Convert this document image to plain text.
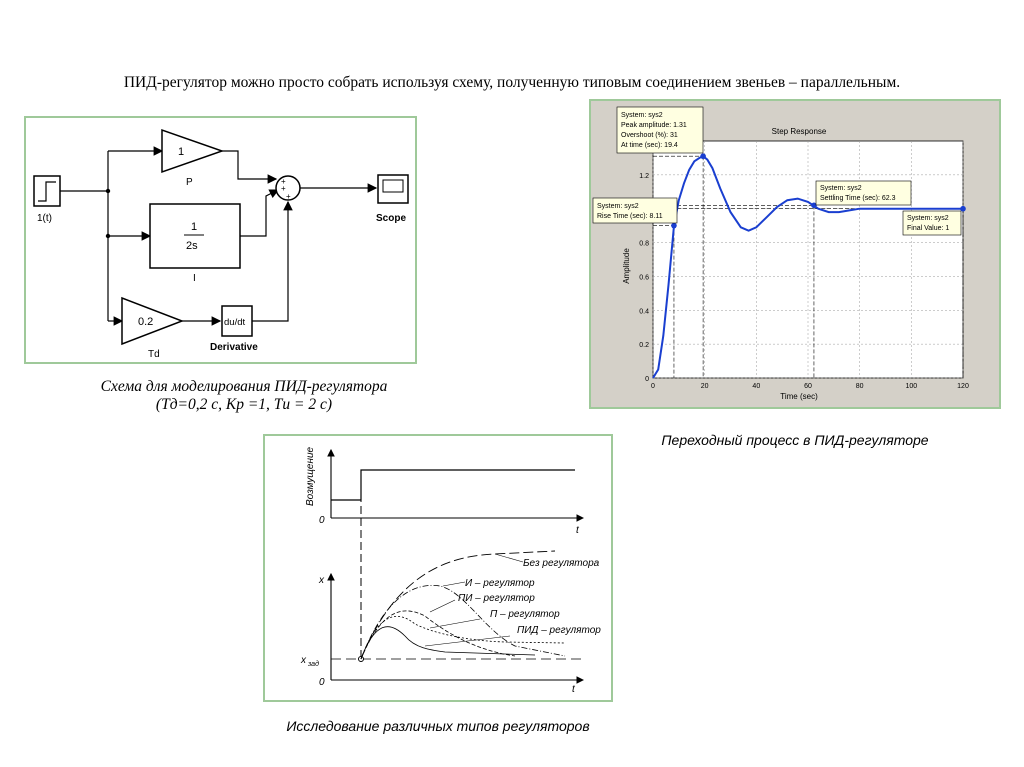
ПИД-регулятор можно просто собрать используя схему, полученную типовым соединением звеньев – параллельным.
1(t)
1
P
1
2s
I
0.2
Td
du/dt
Derivative
+
+
+
Scope
Схема для моделирования ПИД-регулятора
(Tд=0,2 с, Kp =1, Tи = 2 с)
Step Response
Time (sec)
Amplitude
0	20	40	60	80	100	120
0
0.2
0.4
0.6
0.8
1.2
System: sys2
Peak amplitude: 1.31
Overshoot (%): 31
At time (sec): 19.4
System: sys2
Rise Time (sec): 8.11
System: sys2
Settling Time (sec): 62.3
System: sys2
Final Value: 1
Переходный процесс в ПИД-регуляторе
Возмущение
0
t
x
x зад
0
t
Без регулятора
И – регулятор
ПИ – регулятор
П – регулятор
ПИД – регулятор
Исследование различных типов регуляторов
